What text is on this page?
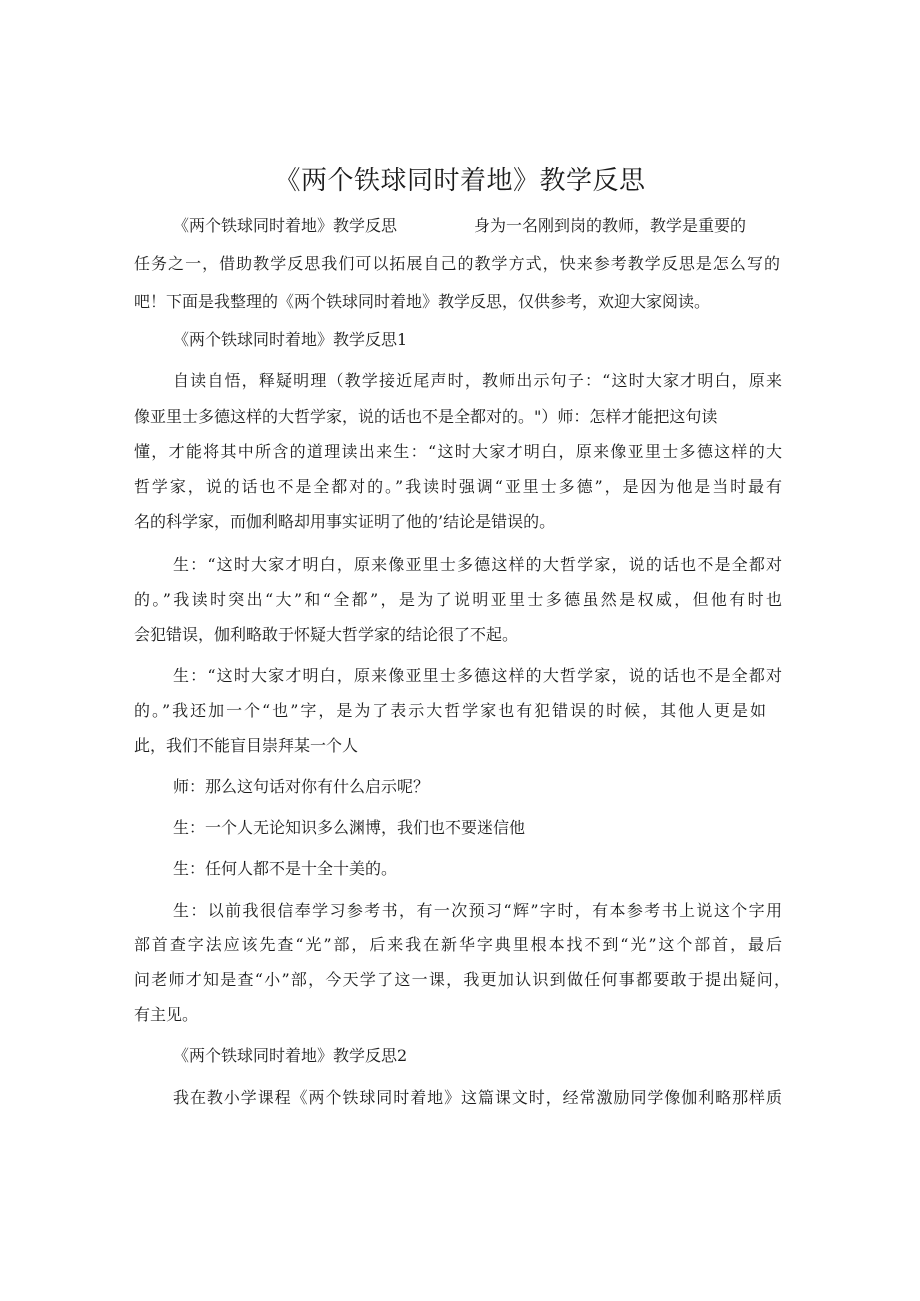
《两个铁球同时着地》教学反思
《两个铁球同时着地》教学反思	身为一名刚到岗的教师，教学是重要的
任务之一，借助教学反思我们可以拓展自己的教学方式，快来参考教学反思是怎么写的
吧！下面是我整理的《两个铁球同时着地》教学反思，仅供参考，欢迎大家阅读。
《两个铁球同时着地》教学反思1
自读自悟，释疑明理（教学接近尾声时，教师出示句子：“这时大家才明白，原来
像亚里士多德这样的大哲学家，说的话也不是全都对的。"）师：怎样才能把这句读
懂，才能将其中所含的道理读出来生：“这时大家才明白，原来像亚里士多德这样的大
哲学家，说的话也不是全都对的。”我读时强调“亚里士多德”，是因为他是当时最有
名的科学家，而伽利略却用事实证明了他的’结论是错误的。
生：“这时大家才明白，原来像亚里士多德这样的大哲学家，说的话也不是全都对
的。”我读时突出“大”和“全都”，是为了说明亚里士多德虽然是权威，但他有时也
会犯错误，伽利略敢于怀疑大哲学家的结论很了不起。
生：“这时大家才明白，原来像亚里士多德这样的大哲学家，说的话也不是全都对
的。”我还加一个“也”字，是为了表示大哲学家也有犯错误的时候，其他人更是如
此，我们不能盲目崇拜某一个人
师：那么这句话对你有什么启示呢？
生：一个人无论知识多么渊博，我们也不要迷信他
生：任何人都不是十全十美的。
生：以前我很信奉学习参考书，有一次预习“辉”字时，有本参考书上说这个字用
部首查字法应该先查“光”部，后来我在新华字典里根本找不到“光”这个部首，最后
问老师才知是查“小”部，今天学了这一课，我更加认识到做任何事都要敢于提出疑问，
有主见。
《两个铁球同时着地》教学反思2
我在教小学课程《两个铁球同时着地》这篇课文时，经常激励同学像伽利略那样质
